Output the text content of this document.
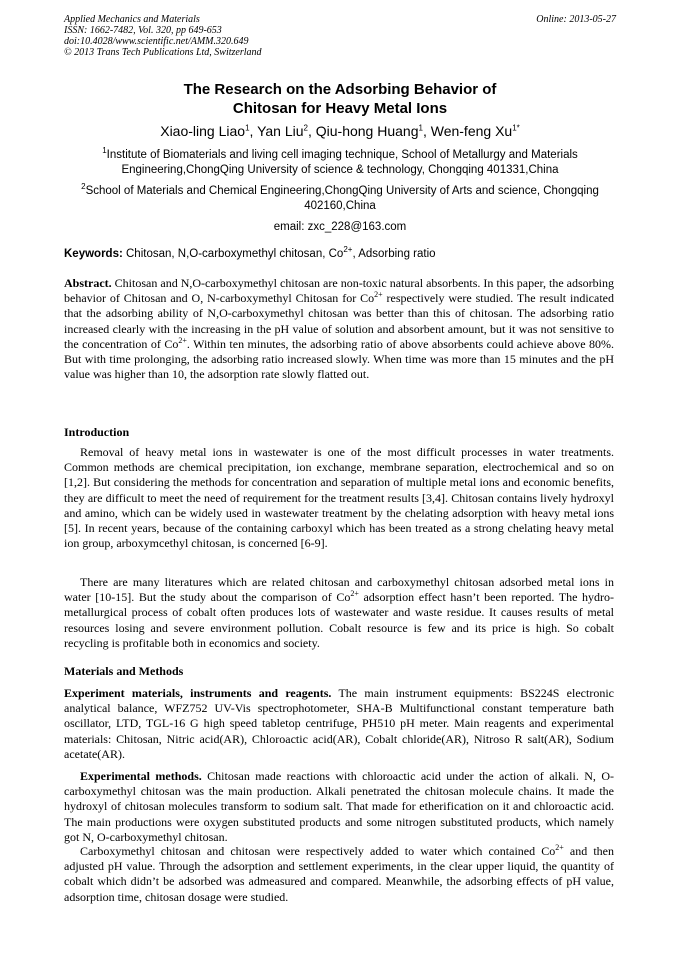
Applied Mechanics and Materials
ISSN: 1662-7482, Vol. 320, pp 649-653
doi:10.4028/www.scientific.net/AMM.320.649
© 2013 Trans Tech Publications Ltd, Switzerland
Online: 2013-05-27
The Research on the Adsorbing Behavior of
Chitosan for Heavy Metal Ions
Xiao-ling Liao$^1$, Yan Liu$^2$, Qiu-hong Huang$^1$, Wen-feng $Xu^{1*}$
$^1$Institute of Biomaterials and living cell imaging technique, School of Metallurgy and Materials Engineering,ChongQing University of science & technology, Chongqing 401331,China
$^2$School of Materials and Chemical Engineering,ChongQing University of Arts and science, Chongqing 402160,China
email: zxc_228@163.com
Keywords: Chitosan, N,O-carboxymethyl chitosan, $Co^{2+}$, Adsorbing ratio

Abstract. Chitosan and N,O-carboxymethyl chitosan are non-toxic natural absorbents. In this paper, the adsorbing behavior of Chitosan and O, N-carboxymethyl Chitosan for $Co^{2+}$ respectively were studied. The result indicated that the adsorbing ability of N,O-carboxymethyl chitosan was better than this of chitosan. The adsorbing ratio increased clearly with the increasing in the pH value of solution and absorbent amount, but it was not sensitive to the concentration of $Co^{2+}$. Within ten minutes, the adsorbing ratio of above absorbents could achieve above 80%. But with time prolonging, the adsorbing ratio increased slowly. When time was more than 15 minutes and the pH value was higher than 10, the adsorption rate slowly flatted out.

Introduction

Removal of heavy metal ions in wastewater is one of the most difficult processes in water treatments. Common methods are chemical precipitation, ion exchange, membrane separation, electrochemical and so on [1,2]. But considering the methods for concentration and separation of multiple metal ions and economic benefits, they are difficult to meet the need of requirement for the treatment results [3,4]. Chitosan contains lively hydroxyl and amino, which can be widely used in wastewater treatment by the chelating adsorption with heavy metal ions [5]. In recent years, because of the containing carboxyl which has been treated as a strong chelating heavy metal ion group, arboxymcethyl chitosan, is concerned [6-9].

There are many literatures which are related chitosan and carboxymethyl chitosan adsorbed metal ions in water [10-15]. But the study about the comparison of $Co^{2+}$ adsorption effect hasn’t been reported. The hydro-metallurgical process of cobalt often produces lots of wastewater and waste residue. It causes results of metal resources losing and severe environment pollution. Cobalt resource is few and its price is high. So cobalt recycling is profitable both in economics and society.

Materials and Methods

Experiment materials, instruments and reagents. The main instrument equipments: BS224S electronic analytical balance, WFZ752 UV-Vis spectrophotometer, SHA-B Multifunctional constant temperature bath oscillator, LTD, TGL-16 G high speed tabletop centrifuge, PH510 pH meter. Main reagents and experimental materials: Chitosan, Nitric acid(AR), Chloroactic acid(AR), Cobalt chloride(AR), Nitroso R salt(AR), Sodium acetate(AR).

Experimental methods. Chitosan made reactions with chloroactic acid under the action of alkali. N, O-carboxymethyl chitosan was the main production. Alkali penetrated the chitosan molecule chains. It made the hydroxyl of chitosan molecules transform to sodium salt. That made for etherification on it and chloroactic acid. The main productions were oxygen substituted products and some nitrogen substituted products, which namely got N, O-carboxymethyl chitosan.

Carboxymethyl chitosan and chitosan were respectively added to water which contained $Co^{2+}$ and then adjusted pH value. Through the adsorption and settlement experiments, in the clear upper liquid, the quantity of cobalt which didn’t be adsorbed was admeasured and compared. Meanwhile, the adsorbing effects of pH value, adsorption time, chitosan dosage were studied.
